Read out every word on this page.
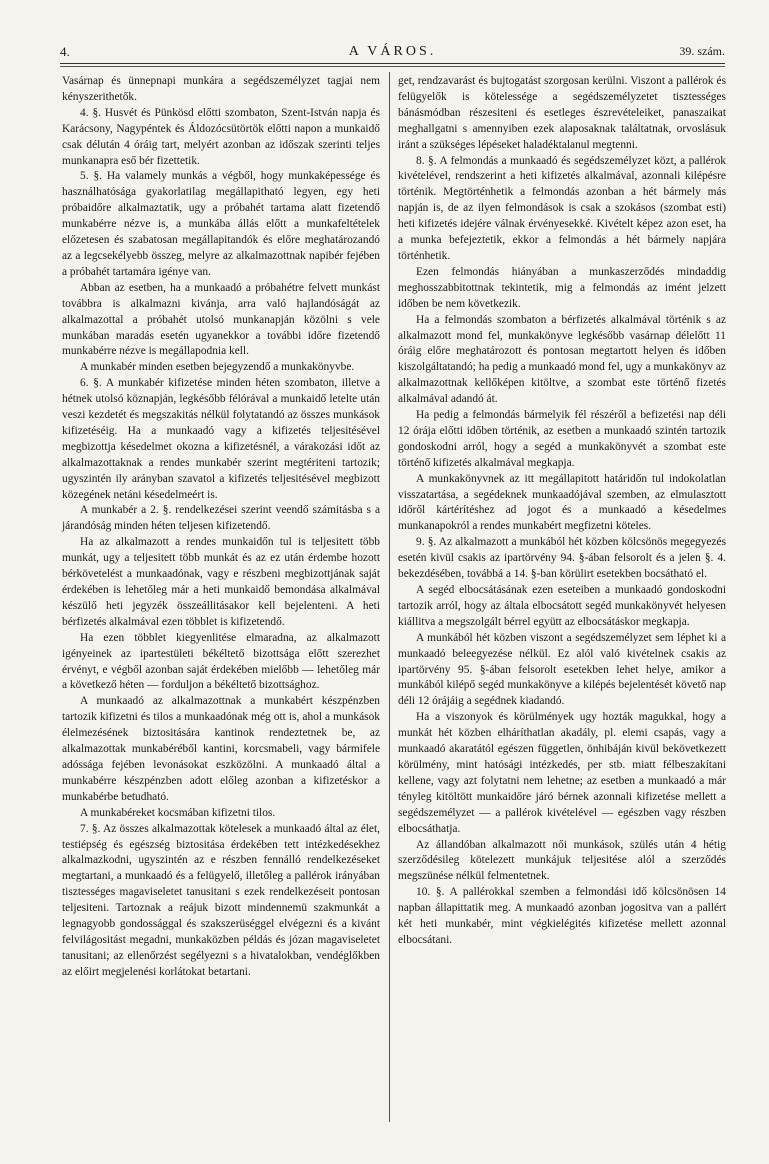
4.	A VÁROS.	39. szám.

Vasárnap és ünnepnapi munkára a segédszemélyzet tagjai nem kényszerithetők.

4. §. Husvét és Pünkösd előtti szombaton, Szent-István napja és Karácsony, Nagypéntek és Áldozócsütörtök előtti napon a munkaidő csak délután 4 óráig tart, melyért azonban az időszak szerinti teljes munkanapra eső bér fizettetik.

5. §. Ha valamely munkás a végből, hogy munkaképessége és használhatósága gyakorlatilag megállapitható legyen, egy heti próbaidőre alkalmaztatik, ugy a próbahét tartama alatt fizetendő munkabérre nézve is, a munkába állás előtt a munkafeltételek előzetesen és szabatosan megállapitandók és előre meghatározandó az a legcsekélyebb összeg, melyre az alkalmazottnak napibér fejében a próbahét tartamára igénye van.

Abban az esetben, ha a munkaadó a próbahétre felvett munkást továbbra is alkalmazni kivánja, arra való hajlandóságát az alkalmazottal a próbahét utolsó munkanapján közölni s vele munkában maradás esetén ugyanekkor a további időre fizetendő munkabérre nézve is megállapodnia kell.

A munkabér minden esetben bejegyzendő a munkakönyvbe.

6. §. A munkabér kifizetése minden héten szombaton, illetve a hétnek utolsó köznapján, legkésőbb félórával a munkaidő letelte után veszi kezdetét és megszakitás nélkül folytatandó az összes munkások kifizetéséig. Ha a munkaadó vagy a kifizetés teljesitésével megbizottja késedelmet okozna a kifizetésnél, a várakozási időt az alkalmazottaknak a rendes munkabér szerint megtériteni tartozik; ugyszintén ily arányban szavatol a kifizetés teljesitésével megbizott közegének netáni késedelmeért is.

A munkabér a 2. §. rendelkezései szerint veendő számitásba s a járandóság minden héten teljesen kifizetendő.

Ha az alkalmazott a rendes munkaidőn tul is teljesitett több munkát, ugy a teljesitett több munkát és az ez után érdembe hozott bérkövetelést a munkaadónak, vagy e részbeni megbizottjának saját érdekében is lehetőleg már a heti munkaidő bemondása alkalmával készülő heti jegyzék összeállitásakor kell bejelenteni. A heti bérfizetés alkalmával ezen többlet is kifizetendő.

Ha ezen többlet kiegyenlitése elmaradna, az alkalmazott igényeinek az ipartestületi békéltető bizottsága előtt szerezhet érvényt, e végből azonban saját érdekében mielőbb — lehetőleg már a következő héten — forduljon a békéltető bizottsághoz.

A munkaadó az alkalmazottnak a munkabért készpénzben tartozik kifizetni és tilos a munkaadónak még ott is, ahol a munkások élelmezésének biztositására kantinok rendeztetnek be, az alkalmazottak munkabéréből kantini, korcsmabeli, vagy bármifele adóssága fejében levonásokat eszközölni. A munkaadó által a munkabérre készpénzben adott előleg azonban a kifizetéskor a munkabérbe betudható.

A munkabéreket kocsmában kifizetni tilos.

7. §. Az összes alkalmazottak kötelesek a munkaadó által az élet, testiépség és egészség biztositása érdekében tett intézkedésekhez alkalmazkodni, ugyszintén az e részben fennálló rendelkezéseket megtartani, a munkaadó és a felügyelő, illetőleg a pallérok irányában tisztességes magaviseletet tanusitani s ezek rendelkezéseit pontosan teljesiteni. Tartoznak a reájuk bizott mindennemü szakmunkát a legnagyobb gondossággal és szakszerüséggel elvégezni és a kivánt felvilágositást megadni, munkaközben példás és józan magaviseletet tanusitani; az ellenőrzést segélyezni s a hivatalokban, vendéglőkben az előirt megjelenési korlátokat betartani.

get, rendzavarást és bujtogatást szorgosan kerülni. Viszont a pallérok és felügyelők is kötelessége a segédszemélyzetet tisztességes bánásmódban részesiteni és esetleges észrevételeiket, panaszaikat meghallgatni s amennyiben ezek alaposaknak találtatnak, orvoslásuk iránt a szükséges lépéseket haladéktalanul megtenni.

8. §. A felmondás a munkaadó és segédszemélyzet közt, a pallérok kivételével, rendszerint a heti kifizetés alkalmával, azonnali kilépésre történik. Megtörténhetik a felmondás azonban a hét bármely más napján is, de az ilyen felmondások is csak a szokásos (szombat esti) heti kifizetés idejére válnak érvényesekké. Kivételt képez azon eset, ha a munka befejeztetik, ekkor a felmondás a hét bármely napjára történhetik.

Ezen felmondás hiányában a munkaszerződés mindaddig meghosszabbitottnak tekintetik, mig a felmondás az imént jelzett időben be nem következik.

Ha a felmondás szombaton a bérfizetés alkalmával történik s az alkalmazott mond fel, munkakönyve legkésőbb vasárnap délelőtt 11 óráig előre meghatározott és pontosan megtartott helyen és időben kiszolgáltatandó; ha pedig a munkaadó mond fel, ugy a munkakönyv az alkalmazottnak kellőképen kitöltve, a szombat este történő fizetés alkalmával adandó át.

Ha pedig a felmondás bármelyik fél részéről a befizetési nap déli 12 órája előtti időben történik, az esetben a munkaadó szintén tartozik gondoskodni arról, hogy a segéd a munkakönyvét a szombat este történő kifizetés alkalmával megkapja.

A munkakönyvnek az itt megállapitott határidőn tul indokolatlan visszatartása, a segédeknek munkaadójával szemben, az elmulasztott időről kártérítéshez ad jogot és a munkaadó a késedelmes munkanapokról a rendes munkabért megfizetni köteles.

9. §. Az alkalmazott a munkából hét közben kölcsönös megegyezés esetén kivül csakis az ipartörvény 94. §-ában felsorolt és a jelen §. 4. bekezdésében, továbbá a 14. §-ban körülirt esetekben bocsátható el.

A segéd elbocsátásának ezen eseteiben a munkaadó gondoskodni tartozik arról, hogy az általa elbocsátott segéd munkakönyvét helyesen kiállitva a megszolgált bérrel együtt az elbocsátáskor megkapja.

A munkából hét közben viszont a segédszemélyzet sem léphet ki a munkaadó beleegyezése nélkül. Ez alól való kivételnek csakis az ipartörvény 95. §-ában felsorolt esetekben lehet helye, amikor a munkából kilépő segéd munkakönyve a kilépés bejelentését követő nap déli 12 órájáig a segédnek kiadandó.

Ha a viszonyok és körülmények ugy hozták magukkal, hogy a munkát hét közben elháríthatlan akadály, pl. elemi csapás, vagy a munkaadó akaratától egészen független, önhibáján kivül bekövetkezett körülmény, mint hatósági intézkedés, per stb. miatt félbeszakítani kellene, vagy azt folytatni nem lehetne; az esetben a munkaadó a már tényleg kitöltött munkaidőre járó bérnek azonnali kifizetése mellett a segédszemélyzet — a pallérok kivételével — egészben vagy részben elbocsáthatja.

Az állandóban alkalmazott női munkások, szülés után 4 hétig szerződésileg kötelezett munkájuk teljesitése alól a szerződés megszünése nélkül felmentetnek.

10. §. A pallérokkal szemben a felmondási idő kölcsönösen 14 napban állapittatik meg. A munkaadó azonban jogositva van a pallért két heti munkabér, mint végkielégités kifizetése mellett azonnal elbocsátani.
